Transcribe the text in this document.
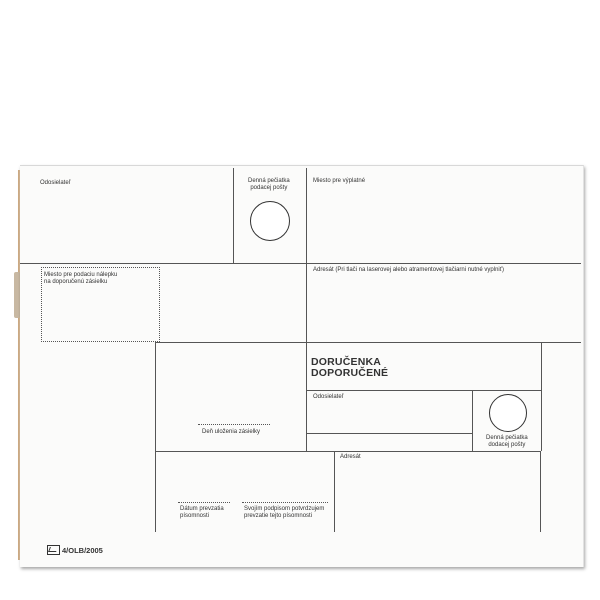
Odosielateľ	Denná pečiatka
podacej pošty
Miesto pre výplatné
Miesto pre podaciu nálepku
na doporučenú zásielku
Adresát (Pri tlači na laserovej alebo atramentovej tlačiarni nutné vyplniť)
DORUČENKA
DOPORUČENÉ
Odosielateľ
Denná pečiatka
dodacej pošty
Deň uloženia zásielky
Adresát
Dátum prevzatia
písomnosti
Svojím podpisom potvrdzujem
prevzatie tejto písomnosti
4/OLB/2005
